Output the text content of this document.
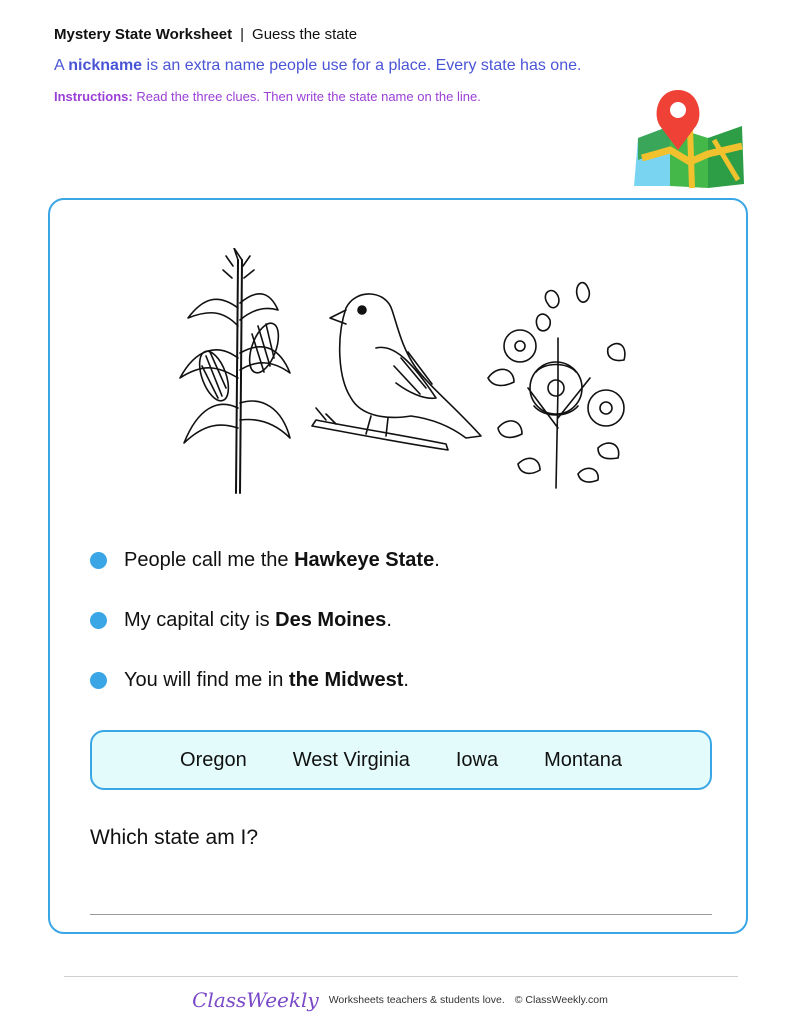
Mystery State Worksheet | Guess the state
A nickname is an extra name people use for a place. Every state has one.
Instructions: Read the three clues. Then write the state name on the line.
People call me the Hawkeye State.
My capital city is Des Moines.
You will find me in the Midwest.
Oregon West Virginia Iowa Montana
Which state am I?
ClassWeekly Worksheets teachers & students love. © ClassWeekly.com
